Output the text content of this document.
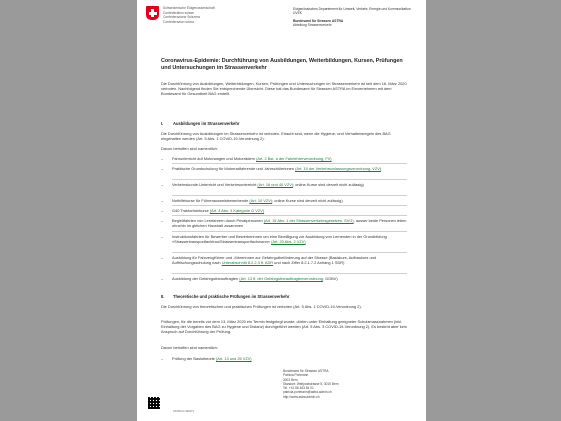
Schweizerische Eidgenossenschaft
Confédération suisse
Confederazione Svizzera
Confederaziun svizra
Eidgenössisches Departement für Umwelt, Verkehr, Energie und Kommunikation UVEK
Bundesamt für Strassen ASTRA
Abteilung Strassenverkehr
Coronavirus-Epidemie: Durchführung von Ausbildungen, Weiterbildungen, Kursen, Prüfungen und Untersuchungen im Strassenverkehr
Die Durchführung von Ausbildungen, Weiterbildungen, Kursen, Prüfungen und Untersuchungen im Strassenverkehr ist seit dem 16. März 2020 verboten. Nachfolgend finden Sie entsprechende Übersicht. Diese hat das Bundesamt für Strassen ASTRA im Einvernehmen mit dem Bundesamt für Gesundheit BAG erstellt.
I. Ausbildungen im Strassenverkehr
Die Durchführung von Ausbildungen im Strassenverkehr ist verboten. Erlaubt sind, wenn die Hygiene- und Verhaltensregeln des BAG eingehalten werden (Art. 5 Abs. 1 COVID-19-Verordnung 2):
Davon betroffen sind namentlich:
– Fahrunterricht auf Motorwagen und Motorrädern (Art. 2 Bst. a der Fahrlehrerverordnung, FV)
– Praktische Grundschulung für Motorradfahrende und -fahrschülerinnen (Art. 19 der Verkehrszulassungsverordnung, VZV)
– Verkehrskunde-Unterricht und Verkehrsunterricht (Art. 18 und 40 VZV); online-Kurse sind derzeit nicht zulässig)
– Nothilfekurse für Führerausweisbewerbende (Art. 10 VZV); online Kurse sind derzeit nicht zulässig)
– G40 Traktorfahrkurse (Art. 4 Abs. 3 Kategorie G VZV)
– Begleitfahrten von Lernfahrern durch Privatpersonen (Art. 15 Abs. 1 der Strassenverkehrsgesetzes, SVG), ausser beide Personen leben ohnehin im gleichen Haushalt zusammen
– Instruktionsfahrten für Bewerber und Bewerberinnen um eine Bewilligung zur Ausbildung von Lernenden in der Grundbildung «Strassentransportfachfrau/Strassentransportfachmann» (Art. 20 Abs. 2 VZV)
– Ausbildung für Fahrzeugführer und -führerinnen zur Gefahrgutbeförderung auf der Strasse (Basiskurs, Aufbaukurs und Auffrischungsschulung nach Unterabschnitt 8.2.2.3 ff. ADR und nach Ziffer 8.2.1.7.2 Anhang 1 SDR)
– Ausbildung der Gefahrgutbeauftragten (Art. 13 ff. der Gefahrgutbeauftragtenverordnung, GGBV)
II. Theoretische und praktische Prüfungen im Strassenverkehr
Die Durchführung von theoretischen und praktischen Prüfungen ist verboten (Art. 5 Abs. 1 COVID-19-Verordnung 2).
Prüfungen, für die bereits vor dem 13. März 2020 ein Termin festgelegt wurde, dürfen unter Einhaltung geeigneter Schutzmassnahmen (inkl. Einhaltung der Vorgaben des BAG zu Hygiene und Distanz) durchgeführt werden (Art. 5 Abs. 3 COVID-19-Verordnung 2). Es besteht aber kein Anspruch auf Durchführung der Prüfung.
Davon betroffen sind namentlich:
– Prüfung der Basistheorie (Art. 13 und 26 VZV)
Bundesamt für Strassen ASTRA
Patricia Portmann
3003 Bern
Standort: Weltpoststrasse 5, 3015 Bern
Tel. +41 58 463 54 01
patricia.portmann@astra.admin.ch
http://www.astra.admin.ch
ASTRA-D-393473
